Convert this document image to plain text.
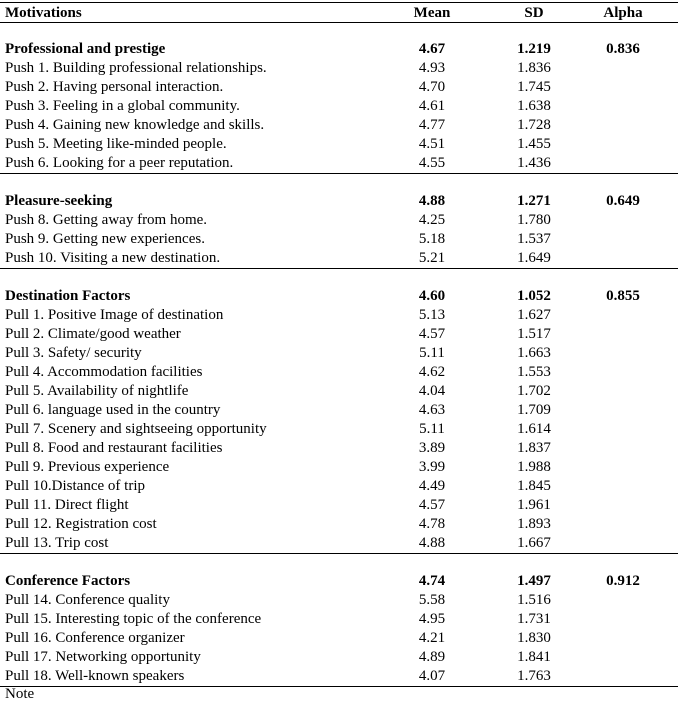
Motivations	Mean	SD	Alpha
Professional and prestige	4.67	1.219	0.836
Push 1. Building professional relationships.	4.93	1.836
Push 2. Having personal interaction.	4.70	1.745
Push 3. Feeling in a global community.	4.61	1.638
Push 4. Gaining new knowledge and skills.	4.77	1.728
Push 5. Meeting like-minded people.	4.51	1.455
Push 6. Looking for a peer reputation.	4.55	1.436
Pleasure-seeking	4.88	1.271	0.649
Push 8. Getting away from home.	4.25	1.780
Push 9. Getting new experiences.	5.18	1.537
Push 10. Visiting a new destination.	5.21	1.649
Destination Factors	4.60	1.052	0.855
Pull 1. Positive Image of destination	5.13	1.627
Pull 2. Climate/good weather	4.57	1.517
Pull 3. Safety/ security	5.11	1.663
Pull 4. Accommodation facilities	4.62	1.553
Pull 5. Availability of nightlife	4.04	1.702
Pull 6. language used in the country	4.63	1.709
Pull 7. Scenery and sightseeing opportunity	5.11	1.614
Pull 8. Food and restaurant facilities	3.89	1.837
Pull 9. Previous experience	3.99	1.988
Pull 10.Distance of trip	4.49	1.845
Pull 11. Direct flight	4.57	1.961
Pull 12. Registration cost	4.78	1.893
Pull 13. Trip cost	4.88	1.667
Conference Factors	4.74	1.497	0.912
Pull 14. Conference quality	5.58	1.516
Pull 15. Interesting topic of the conference	4.95	1.731
Pull 16. Conference organizer	4.21	1.830
Pull 17. Networking opportunity	4.89	1.841
Pull 18. Well-known speakers	4.07	1.763
Note
